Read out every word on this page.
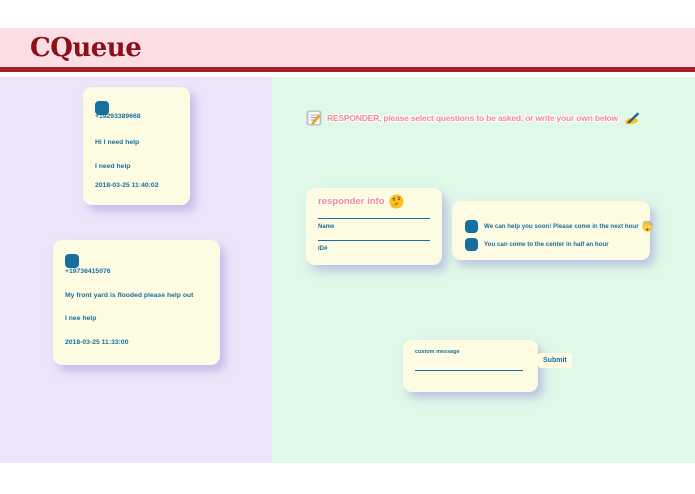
CQueue
+19293389668
Hi I need help
I need help
2018-03-25 11:40:02
+19736415076
My front yard is flooded please help out
I nee help
2018-03-25 11:33:00
RESPONDER, please select questions to be asked, or write your own below
responder info
Name
ID#
We can help you soon! Please come in the next hour
You can come to the center in half an hour
custom message
Submit
